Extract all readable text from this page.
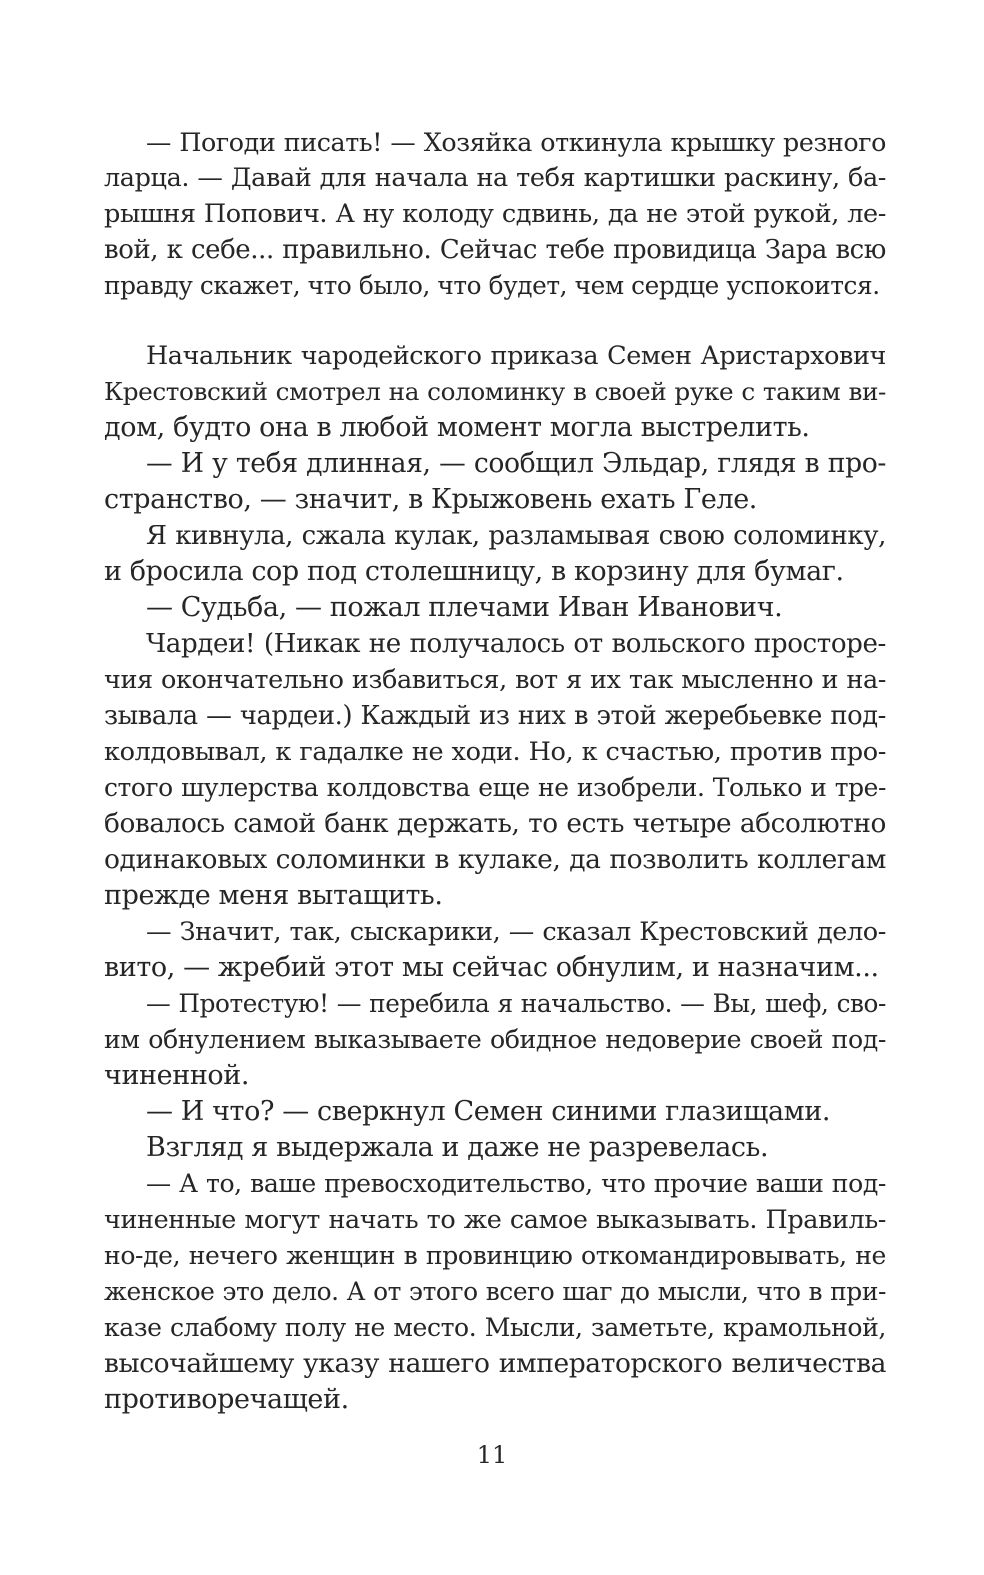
— Погоди писать! — Хозяйка откинула крышку резного
ларца. — Давай для начала на тебя картишки раскину, ба-
рышня Попович. А ну колоду сдвинь, да не этой рукой, ле-
вой, к себе... правильно. Сейчас тебе провидица Зара всю
правду скажет, что было, что будет, чем сердце успокоится.
Начальник чародейского приказа Семен Аристархович
Крестовский смотрел на соломинку в своей руке с таким ви-
дом, будто она в любой момент могла выстрелить.
— И у тебя длинная, — сообщил Эльдар, глядя в про-
странство, — значит, в Крыжовень ехать Геле.
Я кивнула, сжала кулак, разламывая свою соломинку,
и бросила сор под столешницу, в корзину для бумаг.
— Судьба, — пожал плечами Иван Иванович.
Чардеи! (Никак не получалось от вольского просторе-
чия окончательно избавиться, вот я их так мысленно и на-
зывала — чардеи.) Каждый из них в этой жеребьевке под-
колдовывал, к гадалке не ходи. Но, к счастью, против про-
стого шулерства колдовства еще не изобрели. Только и тре-
бовалось самой банк держать, то есть четыре абсолютно
одинаковых соломинки в кулаке, да позволить коллегам
прежде меня вытащить.
— Значит, так, сыскарики, — сказал Крестовский дело-
вито, — жребий этот мы сейчас обнулим, и назначим...
— Протестую! — перебила я начальство. — Вы, шеф, сво-
им обнулением выказываете обидное недоверие своей под-
чиненной.
— И что? — сверкнул Семен синими глазищами.
Взгляд я выдержала и даже не разревелась.
— А то, ваше превосходительство, что прочие ваши под-
чиненные могут начать то же самое выказывать. Правиль-
но-де, нечего женщин в провинцию откомандировывать, не
женское это дело. А от этого всего шаг до мысли, что в при-
казе слабому полу не место. Мысли, заметьте, крамольной,
высочайшему указу нашего императорского величества
противоречащей.
11
